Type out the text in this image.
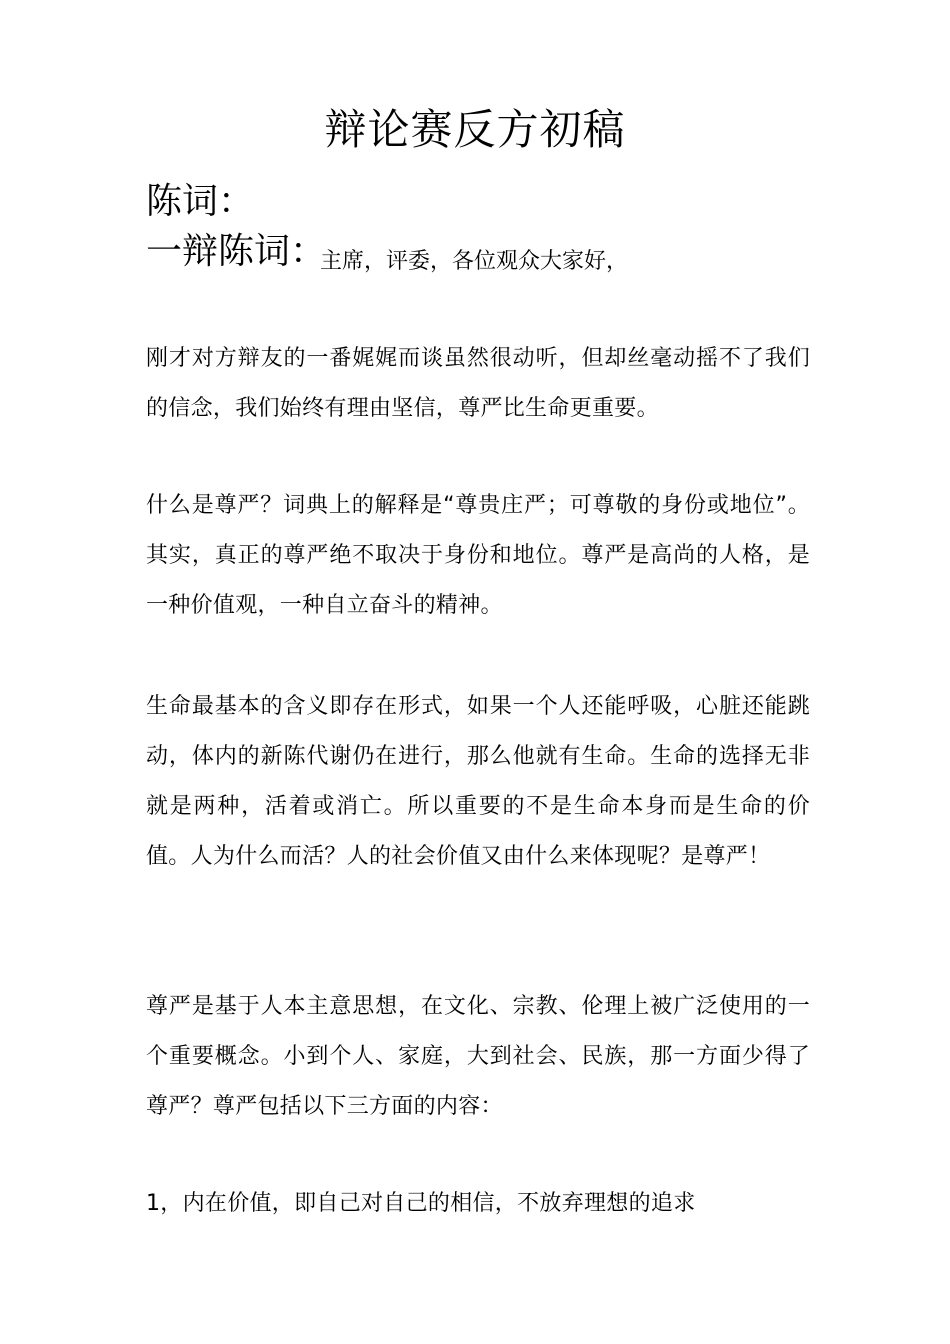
辩论赛反方初稿
陈词：
一辩陈词：
主席，评委，各位观众大家好，

刚才对方辩友的一番娓娓而谈虽然很动听，但却丝毫动摇不了我们的信念，我们始终有理由坚信，尊严比生命更重要。

什么是尊严？词典上的解释是“尊贵庄严；可尊敬的身份或地位”。其实，真正的尊严绝不取决于身份和地位。尊严是高尚的人格，是一种价值观，一种自立奋斗的精神。

生命最基本的含义即存在形式，如果一个人还能呼吸，心脏还能跳动，体内的新陈代谢仍在进行，那么他就有生命。生命的选择无非就是两种，活着或消亡。所以重要的不是生命本身而是生命的价值。人为什么而活？人的社会价值又由什么来体现呢？是尊严！

尊严是基于人本主意思想，在文化、宗教、伦理上被广泛使用的一个重要概念。小到个人、家庭，大到社会、民族，那一方面少得了尊严？尊严包括以下三方面的内容：

1，内在价值，即自己对自己的相信，不放弃理想的追求
